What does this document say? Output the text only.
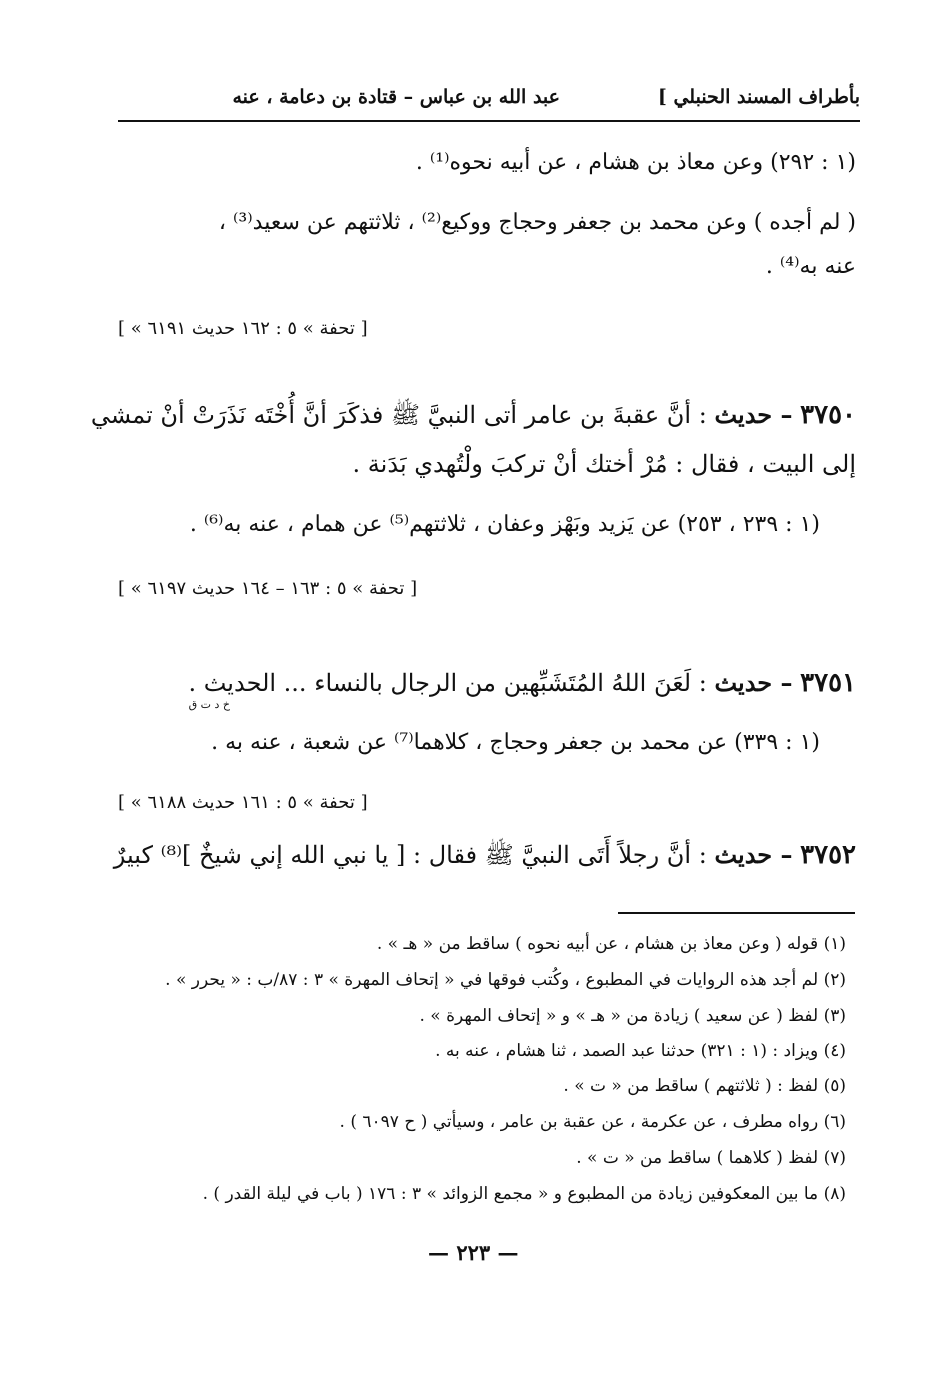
بأطراف المسند الحنبلي ]
عبد الله بن عباس – قتادة بن دعامة ، عنه
(١ : ٢٩٢) وعن معاذ بن هشام ، عن أبيه نحوه⁽¹⁾ .
( لم أجده ) وعن محمد بن جعفر وحجاج ووكيع⁽²⁾ ، ثلاثتهم عن سعيد⁽³⁾ ،
عنه به⁽⁴⁾ .
[ « تحفة » ٥ : ١٦٢ حديث ٦١٩١ ]
٣٧٥٠ – حديث : أنَّ عقبةَ بن عامر أتى النبيَّ ﷺ فذكَرَ أنَّ أُخْتَه نَذَرَتْ أنْ تمشي
إلى البيت ، فقال : مُرْ أختك أنْ تركبَ ولْتُهدي بَدَنة .
(١ : ٢٣٩ ، ٢٥٣) عن يَزيد وبَهْز وعفان ، ثلاثتهم⁽⁵⁾ عن همام ، عنه به⁽⁶⁾ .
[ « تحفة » ٥ : ١٦٣ – ١٦٤ حديث ٦١٩٧ ]
٣٧٥١ – حديث : لَعَنَ اللهُ المُتَشَبِّهين من الرجال بالنساء ... الحديث .
خ د ت ق
(١ : ٣٣٩) عن محمد بن جعفر وحجاج ، كلاهما⁽⁷⁾ عن شعبة ، عنه به .
[ « تحفة » ٥ : ١٦١ حديث ٦١٨٨ ]
٣٧٥٢ – حديث : أنَّ رجلاً أَتَى النبيَّ ﷺ فقال : [ يا نبي الله إني شيخٌ ]⁽⁸⁾ كبيرٌ
(١) قوله ( وعن معاذ بن هشام ، عن أبيه نحوه ) ساقط من « هـ » .
(٢) لم أجد هذه الروايات في المطبوع ، وكُتب فوقها في « إتحاف المهرة » ٣ : ٨٧/ب : « يحرر » .
(٣) لفظ ( عن سعيد ) زيادة من « هـ » و « إتحاف المهرة » .
(٤) ويزاد : (١ : ٣٢١) حدثنا عبد الصمد ، ثنا هشام ، عنه به .
(٥) لفظ : ( ثلاثتهم ) ساقط من « ت » .
(٦) رواه مطرف ، عن عكرمة ، عن عقبة بن عامر ، وسيأتي ( ح ٦٠٩٧ ) .
(٧) لفظ ( كلاهما ) ساقط من « ت » .
(٨) ما بين المعكوفين زيادة من المطبوع و « مجمع الزوائد » ٣ : ١٧٦ ( باب في ليلة القدر ) .
— ٢٢٣ —
